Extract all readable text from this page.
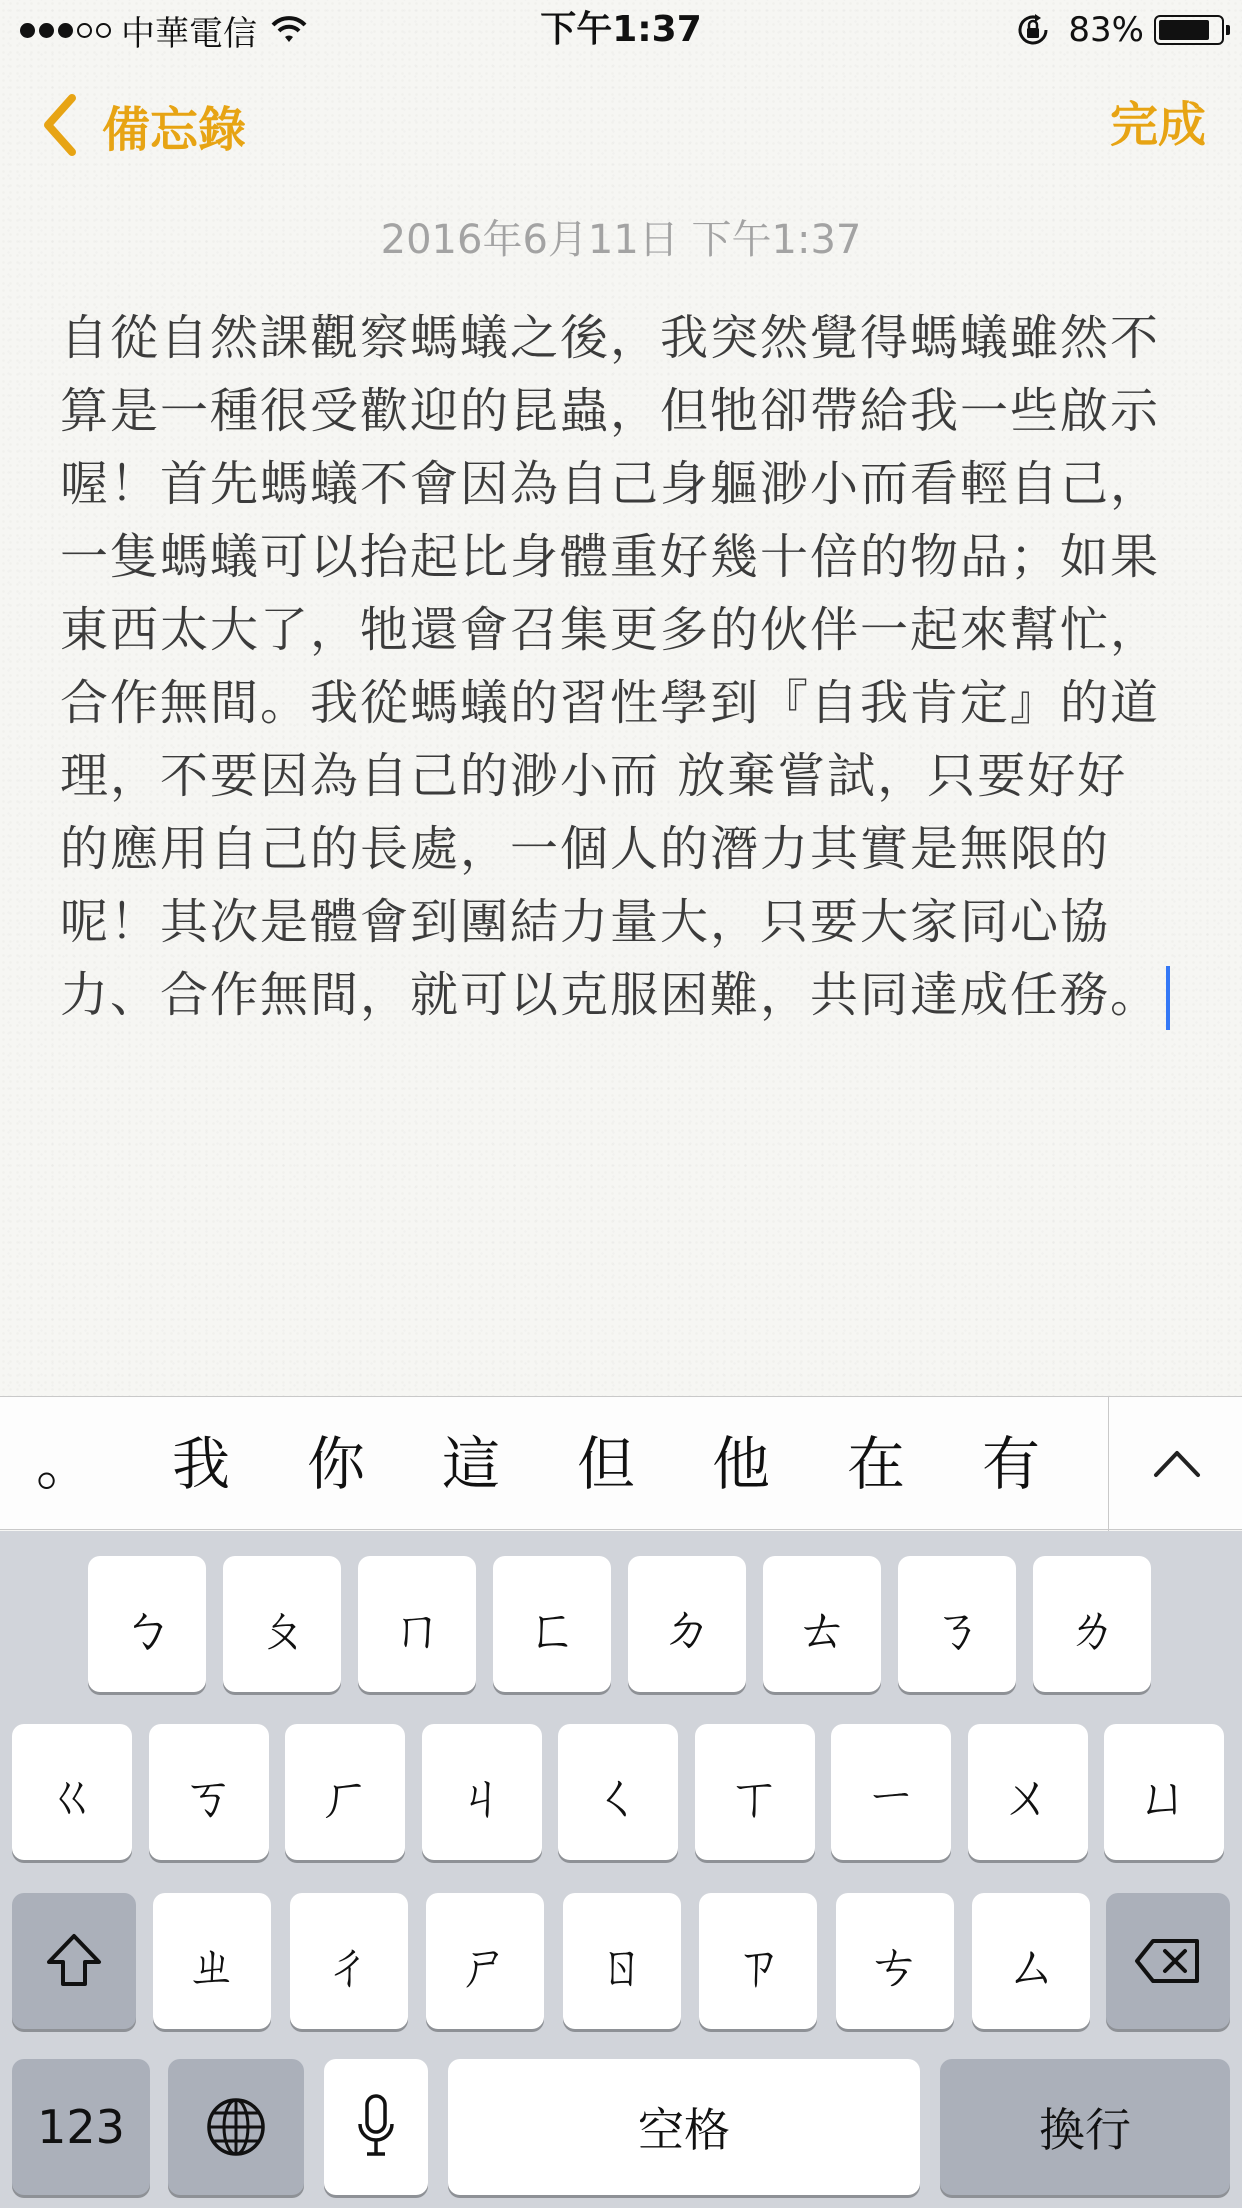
中華電信	下午1:37	83%
備忘錄	完成
2016年6月11日 下午1:37
自從自然課觀察螞蟻之後，我突然覺得螞蟻雖然不
算是一種很受歡迎的昆蟲，但牠卻帶給我一些啟示
喔！首先螞蟻不會因為自己身軀渺小而看輕自己，
一隻螞蟻可以抬起比身體重好幾十倍的物品；如果
東西太大了，牠還會召集更多的伙伴一起來幫忙，
合作無間。我從螞蟻的習性學到『自我肯定』的道
理，不要因為自己的渺小而 放棄嘗試，只要好好
的應用自己的長處，一個人的潛力其實是無限的
呢！其次是體會到團結力量大，只要大家同心協
力、合作無間，就可以克服困難，共同達成任務。
。	我	你	這	但	他	在	有
123	空格	換行
ㄅ	ㄆ	ㄇ	ㄈ	ㄉ	ㄊ	ㄋ	ㄌ
ㄍ	ㄎ	ㄏ	ㄐ	ㄑ	ㄒ	ㄧ	ㄨ	ㄩ
ㄓ	ㄔ	ㄕ	ㄖ	ㄗ	ㄘ	ㄙ
